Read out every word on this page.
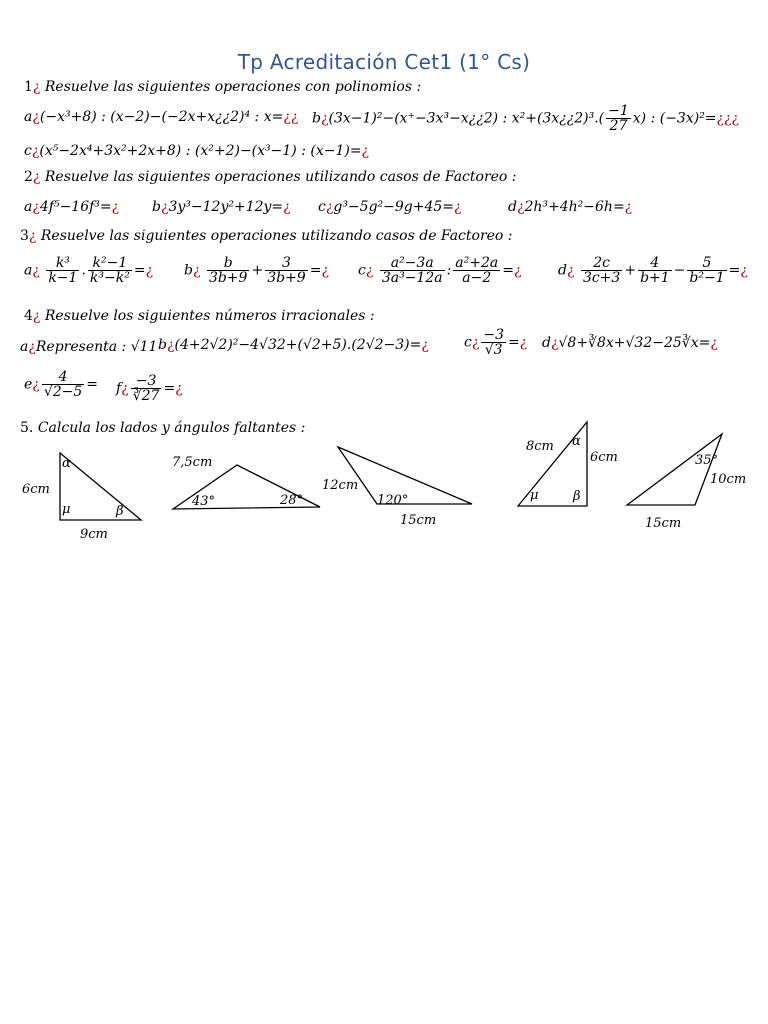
Tp Acreditación Cet1 (1° Cs)
1¿ Resuelve las siguientes operaciones con polinomios :
a¿(−x³+8) : (x−2)−(−2x+x¿¿2)⁴ : x=¿¿ b¿(3x−1)²−(x⁺−3x³−x¿¿2) : x²+(3x¿¿2)³.( $\frac{-1}{27} x$) : (−3x)²=¿¿¿
c¿(x⁵−2x⁴+3x²+2x+8) : (x²+2)−(x³−1) : (x−1)=¿
2¿ Resuelve las siguientes operaciones utilizando casos de Factoreo :
a¿4f⁵−16f³=¿ b¿3y³−12y²+12y=¿ c¿g³−5g²−9g+45=¿	d¿2h³+4h²−6h=¿
3¿ Resuelve las siguientes operaciones utilizando casos de Factoreo :
a¿ $\frac{\text{k³}}{k-1}$ . $\frac{\text{k²−1}}{\text{k³−k²}}$ =¿ b¿ $\frac{b}{3b+9} + \frac{3}{3b+9}$ =¿ c¿ $\frac{\text{a²−3a}}{\text{3a³−12a}}$ : $\frac{\text{a²+2a}}{a-2}$ =¿	d¿ $\frac{2c}{3c+3} + \frac{4}{b+1} - \frac{5}{\text{b²−1}}$ =¿
4¿ Resuelve los siguientes números irracionales :
a¿Representa : √11 b¿(4+2√2)²−4√32+(√2+5).(2√2−3)=¿	c¿ $\frac{-3}{√3}$ =¿ d¿√8+∛8x+√32−25∛x=¿
e¿ $\frac{4}{√2-5}$ = f¿ $\frac{-3}{∛27}$ =¿
5. Calcula los lados y ángulos faltantes :
6cm
α
μ	β
9cm
7,5cm
43°	28°
12cm
120°
15cm
8cm α
6cm
μ	β
35°
10cm
15cm
